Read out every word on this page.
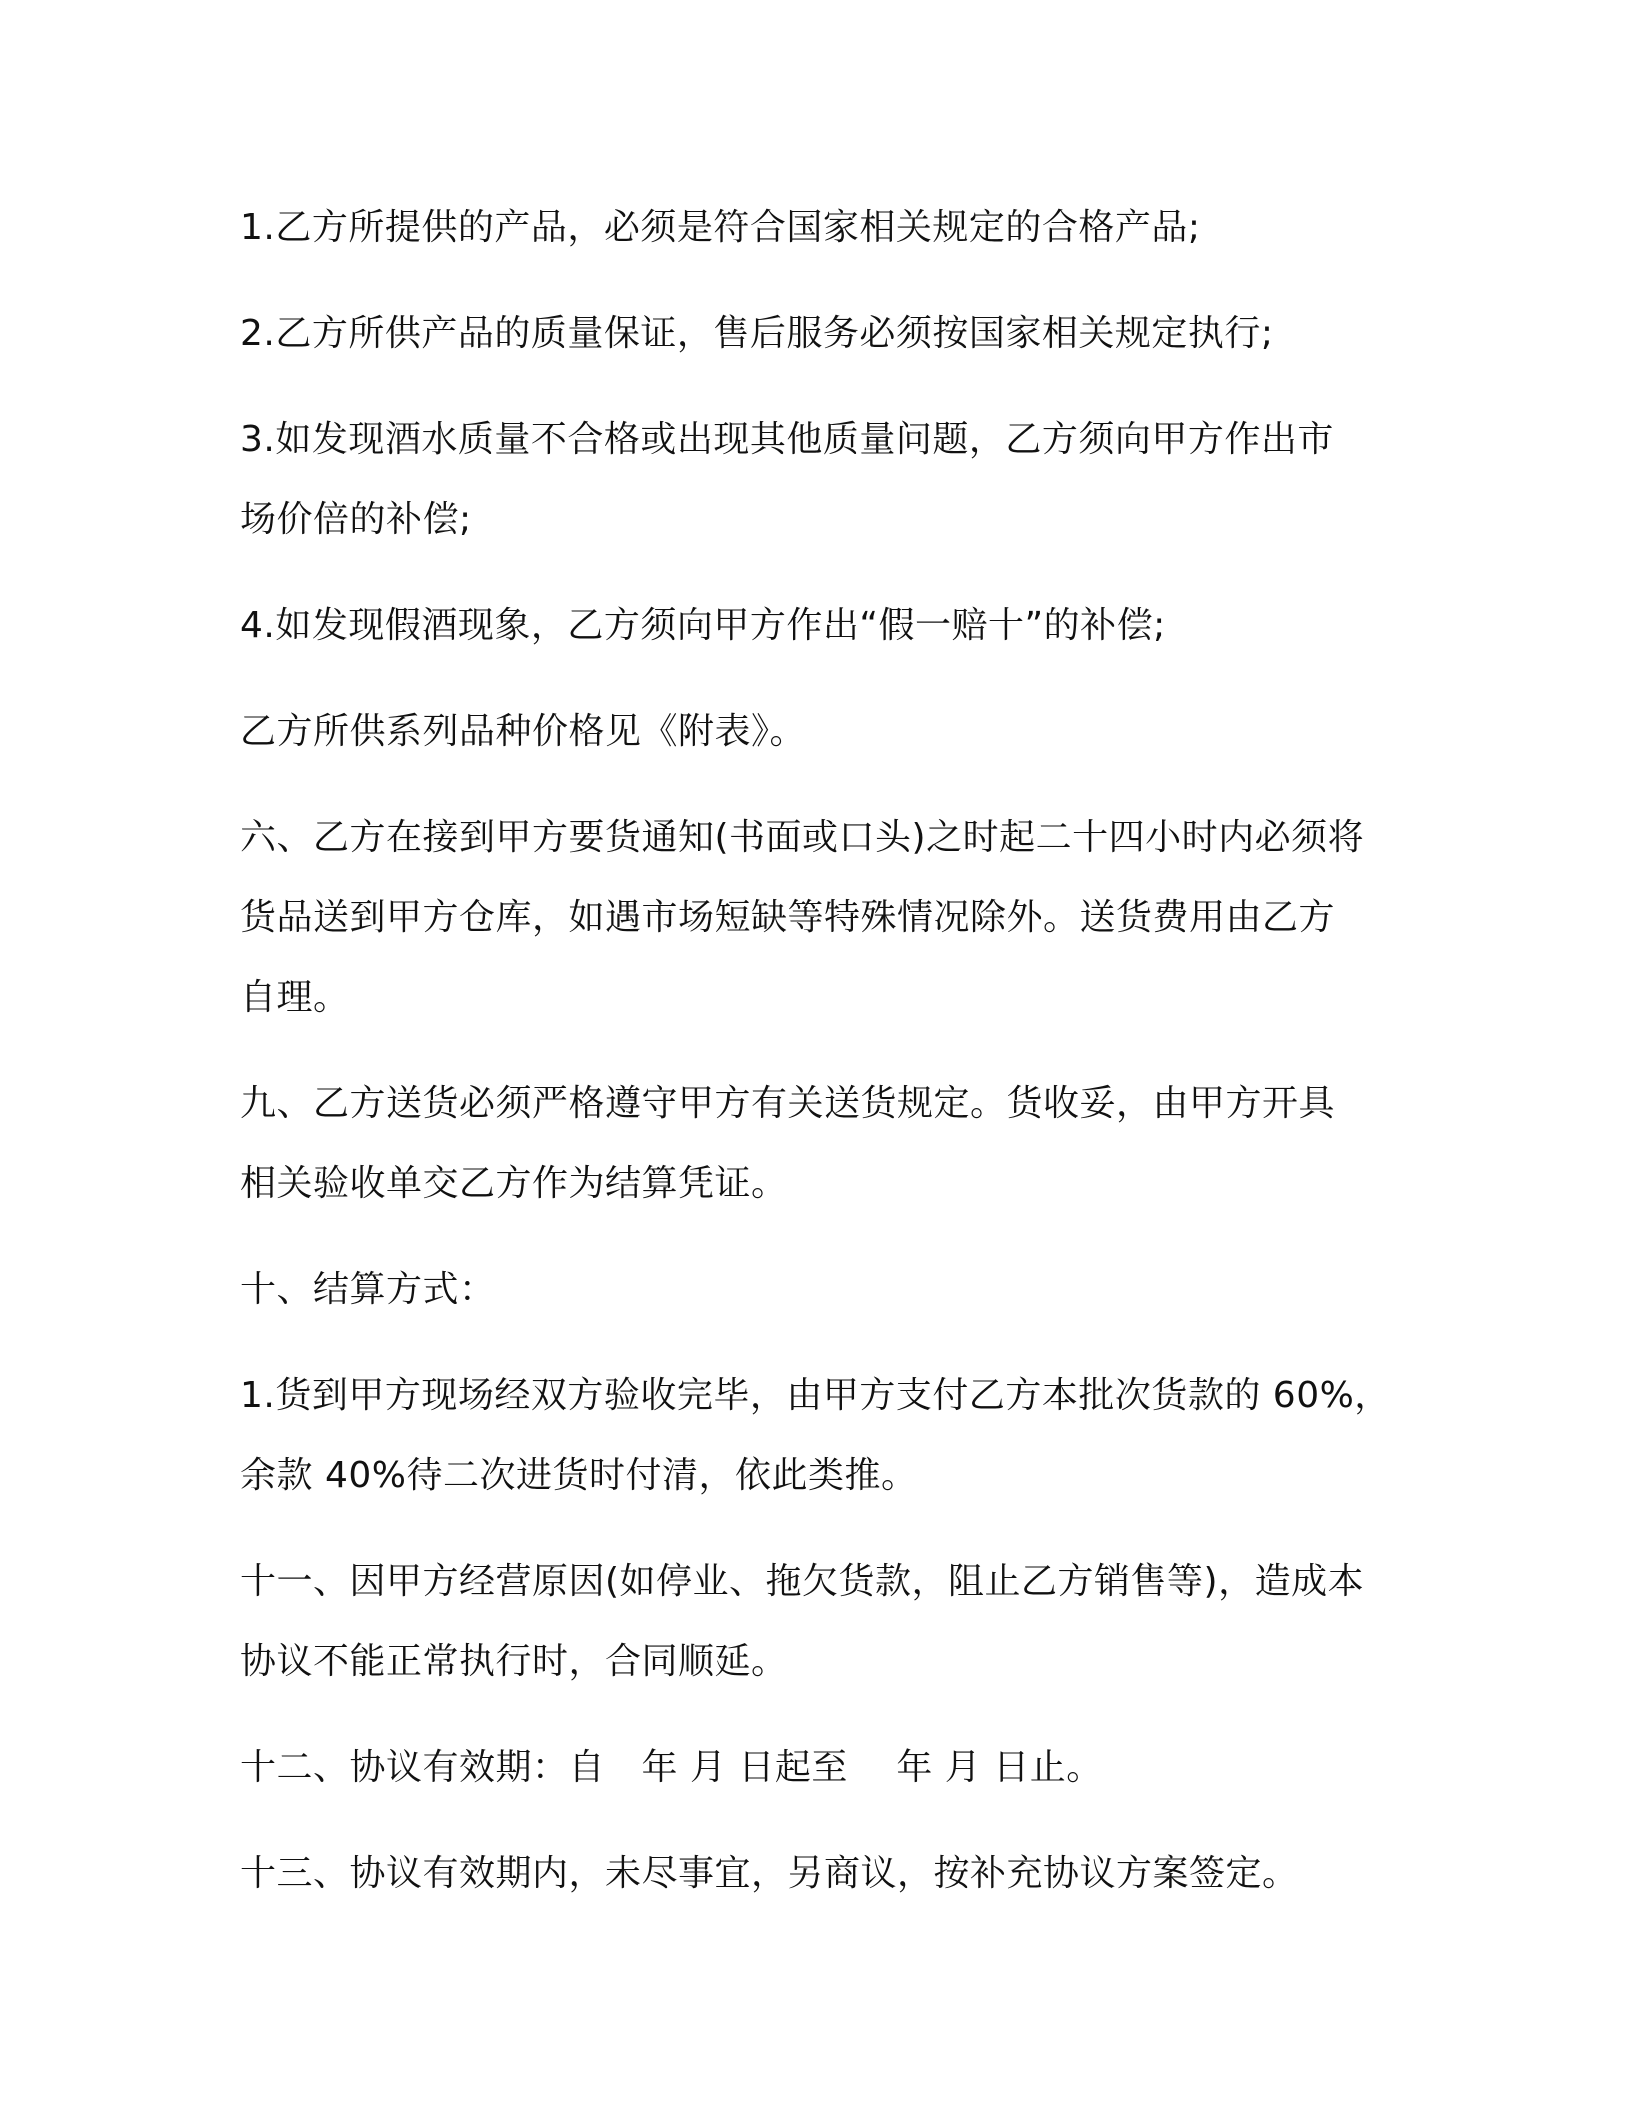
1.乙方所提供的产品，必须是符合国家相关规定的合格产品;

2.乙方所供产品的质量保证，售后服务必须按国家相关规定执行;

3.如发现酒水质量不合格或出现其他质量问题，乙方须向甲方作出市

场价倍的补偿;

4.如发现假酒现象，乙方须向甲方作出“假一赔十”的补偿;

乙方所供系列品种价格见《附表》。

六、乙方在接到甲方要货通知(书面或口头)之时起二十四小时内必须将

货品送到甲方仓库，如遇市场短缺等特殊情况除外。送货费用由乙方

自理。

九、乙方送货必须严格遵守甲方有关送货规定。货收妥，由甲方开具

相关验收单交乙方作为结算凭证。

十、结算方式：

1.货到甲方现场经双方验收完毕，由甲方支付乙方本批次货款的 60%，

余款 40%待二次进货时付清，依此类推。

十一、因甲方经营原因(如停业、拖欠货款，阻止乙方销售等)，造成本

协议不能正常执行时，合同顺延。

十二、协议有效期：自　年 月 日起至　 年 月 日止。

十三、协议有效期内，未尽事宜，另商议，按补充协议方案签定。
